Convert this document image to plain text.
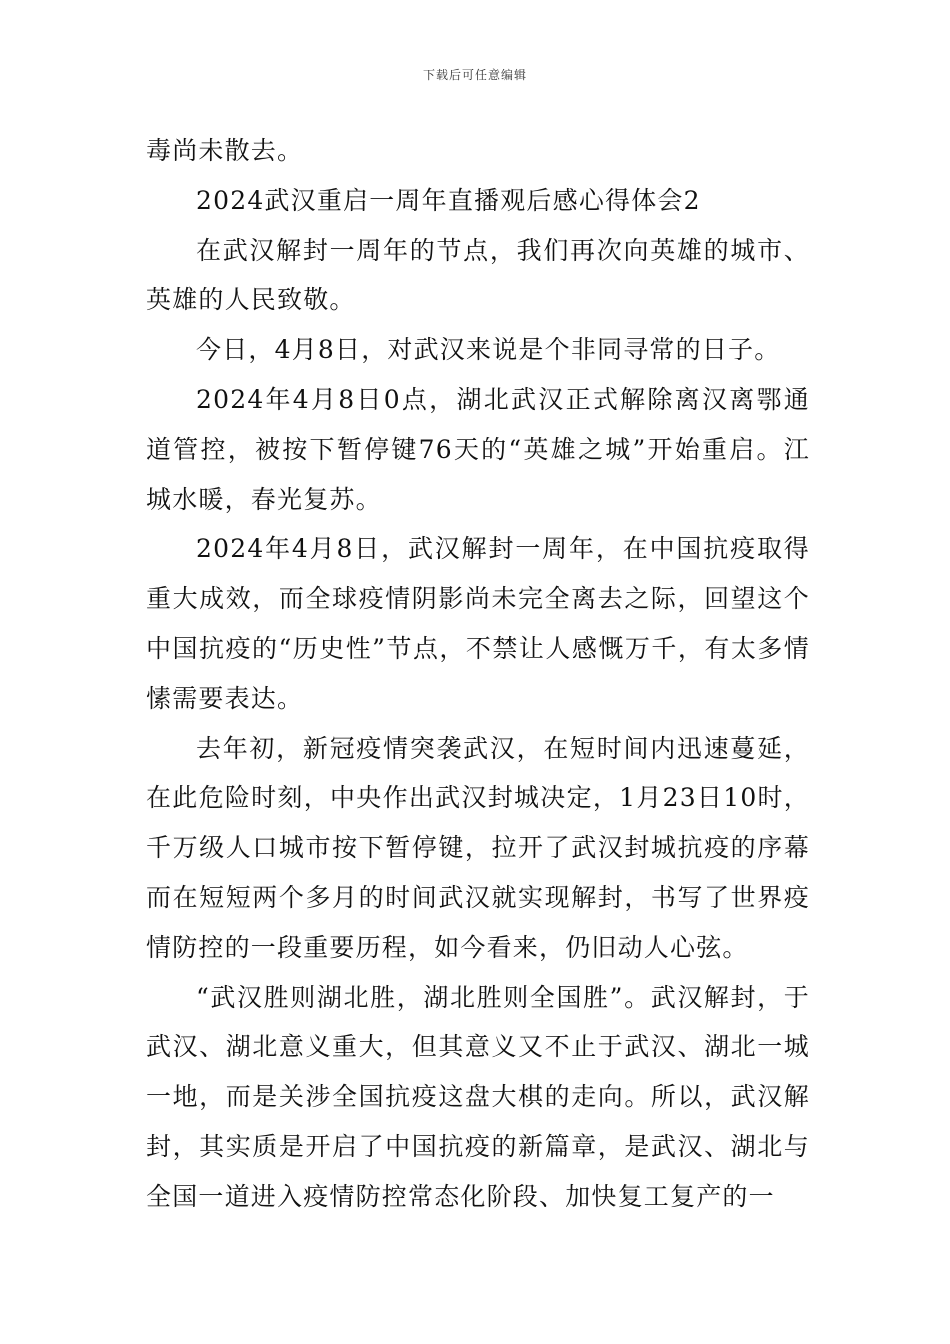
下载后可任意编辑

毒尚未散去。

2024武汉重启一周年直播观后感心得体会2

在武汉解封一周年的节点，我们再次向英雄的城市、英雄的人民致敬。

今日，4月8日，对武汉来说是个非同寻常的日子。

2024年4月8日0点，湖北武汉正式解除离汉离鄂通道管控，被按下暂停键76天的“英雄之城”开始重启。江城水暖，春光复苏。

2024年4月8日，武汉解封一周年，在中国抗疫取得重大成效，而全球疫情阴影尚未完全离去之际，回望这个中国抗疫的“历史性”节点，不禁让人感慨万千，有太多情愫需要表达。

去年初，新冠疫情突袭武汉，在短时间内迅速蔓延，在此危险时刻，中央作出武汉封城决定，1月23日10时，千万级人口城市按下暂停键，拉开了武汉封城抗疫的序幕而在短短两个多月的时间武汉就实现解封，书写了世界疫情防控的一段重要历程，如今看来，仍旧动人心弦。

“武汉胜则湖北胜，湖北胜则全国胜”。武汉解封，于武汉、湖北意义重大，但其意义又不止于武汉、湖北一城一地，而是关涉全国抗疫这盘大棋的走向。所以，武汉解封，其实质是开启了中国抗疫的新篇章，是武汉、湖北与全国一道进入疫情防控常态化阶段、加快复工复产的一
